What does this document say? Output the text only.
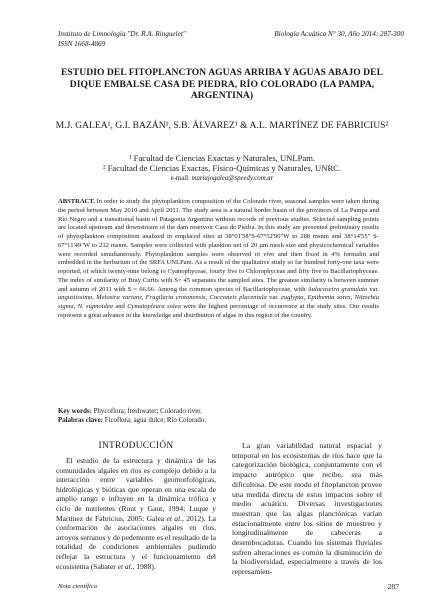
Instituto de Limnología "Dr. R.A. Ringuelet"
ISSN 1668-4869
Biología Acuática N° 30, Año 2014: 287-300
ESTUDIO DEL FITOPLANCTON AGUAS ARRIBA Y AGUAS ABAJO DEL DIQUE EMBALSE CASA DE PIEDRA, RÍO COLORADO (LA PAMPA, ARGENTINA)
M.J. GALEA¹, G.I. BAZÁN¹, S.B. ÁLVAREZ¹ & A.L. MARTÍNEZ DE FABRICIUS²
¹ Facultad de Ciencias Exactas y Naturales, UNLPam.
² Facultad de Ciencias Exactas, Físico-Químicas y Naturales, UNRC.
e-mail: mariajogalea@speedy.com.ar
ABSTRACT. In order to study the phytoplankton composition of the Colorado river, seasonal samples were taken during the period between May 2010 and April 2011. The study area is a natural border basin of the provinces of La Pampa and Río Negro and a transitional basin of Patagonia Argentina without records of previous studies. Selected sampling points are located upstream and downstream of the dam reservoir Casa de Piedra. In this study are presented preliminary results of phytoplankton composition analized in emplaced sites at 38°01'58"S-67°52'90"W to 288 msnm and 38°14'55" S-67°11'49"W to 232 msnm. Samples were collected with plankton net of 20 µm mesh size and physicochemical variables were recorded simultaneously. Phytoplankton samples were observed in vivo and then fixed in 4% formalin and embedded in the herbarium of the SRFA UNLPam. As a result of the qualitative study so far hundred forty-one taxa were reported, of which twenty-nine belong to Cyanophyceae, fourty five to Chlorophyceae and fifty five to Bacillariophyceae. The index of similarity of Bray Curtis with S= 45 separates the sampled sites. The greatest similarity is between summer and autumn of 2011 with S = 66.66. Among the common species of Bacillariophyceae, with Aulacoseira granulata var. angustissima, Melosira varians, Fragilaria crotonensis, Cocconeis placentula var. euglypta, Epithemia sorex, Nitzschia sigma, N. sigmoidea and Cymatopleura solea were the highest percentage of occurrence at the study sites. Our results represent a great advance in the knowledge and distribution of algae in this region of the country.
Key words: Phycoflora; freshwater; Colorado river.
Palabras clave: Ficoflora; agua dulce; Río Colorado.
INTRODUCCIÓN

El estudio de la estructura y dinámica de las comunidades algales en ríos es complejo debido a la interacción entre variables geomorfológicas, hidrológicas y bióticas que operan en una escala de amplio rango e influyen en la dinámica trófica y ciclo de nutrientes (Rout y Gaur, 1994; Luque y Martínez de Fabricius, 2005; Galea et al., 2012). La conformación de asociaciones algales en ríos, arroyos serranos y de pedemonte es el resultado de la totalidad de condiciones ambientales pudiendo reflejar la estructura y el funcionamiento del ecosistema (Sabater et al., 1988).

La gran variabilidad natural espacial y temporal en los ecosistemas de ríos hace que la categorización biológica, conjuntamente con el impacto antrópico que recibe, sea más dificultosa. De este modo el fitoplancton provee una medida directa de estos impactos sobre el medio acuático. Diversas investigaciones muestran que las algas planctónicas varían estacionalmente entre los sitios de muestreo y longitudinalmente de cabeceras a desembocaduras. Cuando los sistemas fluviales sufren alteraciones es común la disminución de la biodiversidad, especialmente a través de los represamien-

Nota científica	287
